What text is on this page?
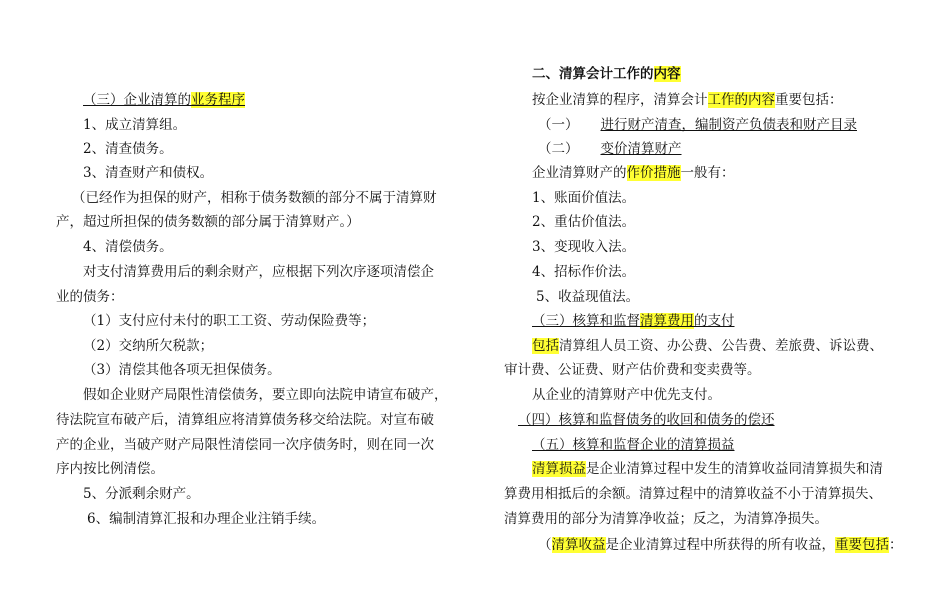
（三）企业清算的业务程序
1、成立清算组。
2、清查债务。
3、清查财产和债权。
（已经作为担保的财产，相称于债务数额的部分不属于清算财
产，超过所担保的债务数额的部分属于清算财产。）
4、清偿债务。
对支付清算费用后的剩余财产，应根据下列次序逐项清偿企
业的债务：
（1）支付应付未付的职工工资、劳动保险费等；
（2）交纳所欠税款；
（3）清偿其他各项无担保债务。
假如企业财产局限性清偿债务，要立即向法院申请宣布破产，
待法院宣布破产后，清算组应将清算债务移交给法院。对宣布破
产的企业，当破产财产局限性清偿同一次序债务时，则在同一次
序内按比例清偿。
5、分派剩余财产。
6、编制清算汇报和办理企业注销手续。
二、清算会计工作的内容
按企业清算的程序，清算会计工作的内容重要包括：
（一） 进行财产清查，编制资产负债表和财产目录
（二） 变价清算财产
企业清算财产的作价措施一般有：
1、账面价值法。
2、重估价值法。
3、变现收入法。
4、招标作价法。
5、收益现值法。
（三）核算和监督清算费用的支付
包括清算组人员工资、办公费、公告费、差旅费、诉讼费、
审计费、公证费、财产估价费和变卖费等。
从企业的清算财产中优先支付。
（四）核算和监督债务的收回和债务的偿还
（五）核算和监督企业的清算损益
清算损益是企业清算过程中发生的清算收益同清算损失和清
算费用相抵后的余额。清算过程中的清算收益不小于清算损失、
清算费用的部分为清算净收益；反之，为清算净损失。
（清算收益是企业清算过程中所获得的所有收益，重要包括：
